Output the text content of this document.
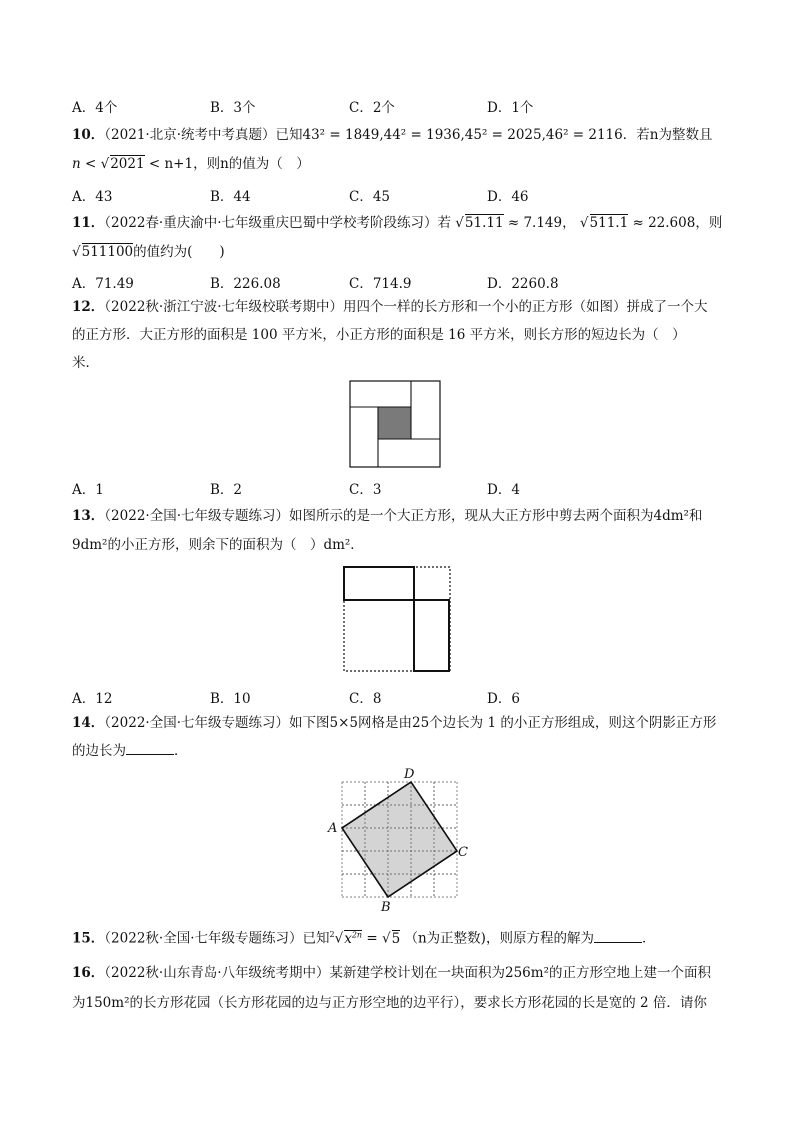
A．4个	B．3个	C．2个	D．1个
10．（2021·北京·统考中考真题）已知43² = 1849,44² = 1936,45² = 2025,46² = 2116．若n为整数且
n < √2021 < n+1，则n的值为（　）
A．43	B．44	C．45	D．46
11．（2022春·重庆渝中·七年级重庆巴蜀中学校考阶段练习）若 √51.11 ≈ 7.149， √511.1 ≈ 22.608，则
√511100的值约为(　　)
A．71.49	B．226.08	C．714.9	D．2260.8
12．（2022秋·浙江宁波·七年级校联考期中）用四个一样的长方形和一个小的正方形（如图）拼成了一个大
的正方形．大正方形的面积是 100 平方米，小正方形的面积是 16 平方米，则长方形的短边长为（　）
米．
A．1	B．2	C．3	D．4
13．（2022·全国·七年级专题练习）如图所示的是一个大正方形，现从大正方形中剪去两个面积为4dm²和
9dm²的小正方形，则余下的面积为（　）dm²．
A．12	B．10	C．8	D．6
14．（2022·全国·七年级专题练习）如下图5×5网格是由25个边长为 1 的小正方形组成，则这个阴影正方形
的边长为	．
A
B
C
D
15．（2022秋·全国·七年级专题练习）已知$^2√x^{2n} = √5$ （n为正整数)，则原方程的解为	．
16．（2022秋·山东青岛·八年级统考期中）某新建学校计划在一块面积为256m²的正方形空地上建一个面积
为150m²的长方形花园（长方形花园的边与正方形空地的边平行），要求长方形花园的长是宽的 2 倍．请你
